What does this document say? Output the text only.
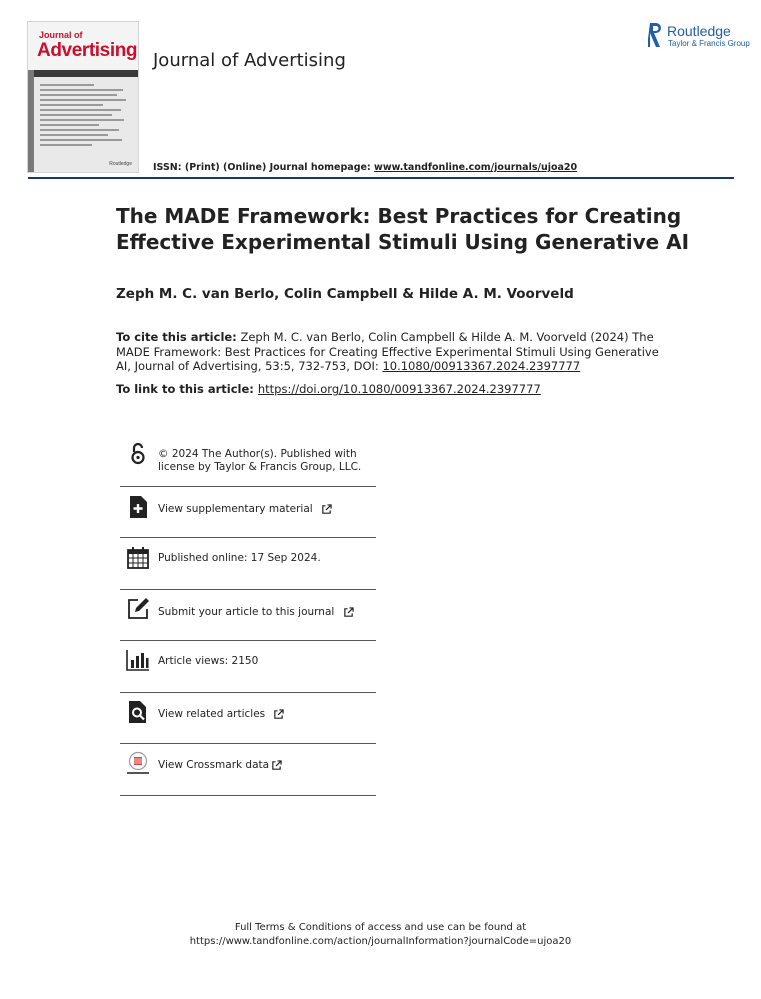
Journal of
Advertising
Routledge
Journal of Advertising
ISSN: (Print) (Online) Journal homepage: www.tandfonline.com/journals/ujoa20
Routledge
Taylor & Francis Group
The MADE Framework: Best Practices for Creating Effective Experimental Stimuli Using Generative AI
Zeph M. C. van Berlo, Colin Campbell & Hilde A. M. Voorveld
To cite this article: Zeph M. C. van Berlo, Colin Campbell & Hilde A. M. Voorveld (2024) The MADE Framework: Best Practices for Creating Effective Experimental Stimuli Using Generative AI, Journal of Advertising, 53:5, 732-753, DOI: 10.1080/00913367.2024.2397777
To link to this article: https://doi.org/10.1080/00913367.2024.2397777
© 2024 The Author(s). Published with
license by Taylor & Francis Group, LLC.
View supplementary material
Published online: 17 Sep 2024.
Submit your article to this journal
Article views: 2150
View related articles
View Crossmark data
Full Terms & Conditions of access and use can be found at
https://www.tandfonline.com/action/journalInformation?journalCode=ujoa20
